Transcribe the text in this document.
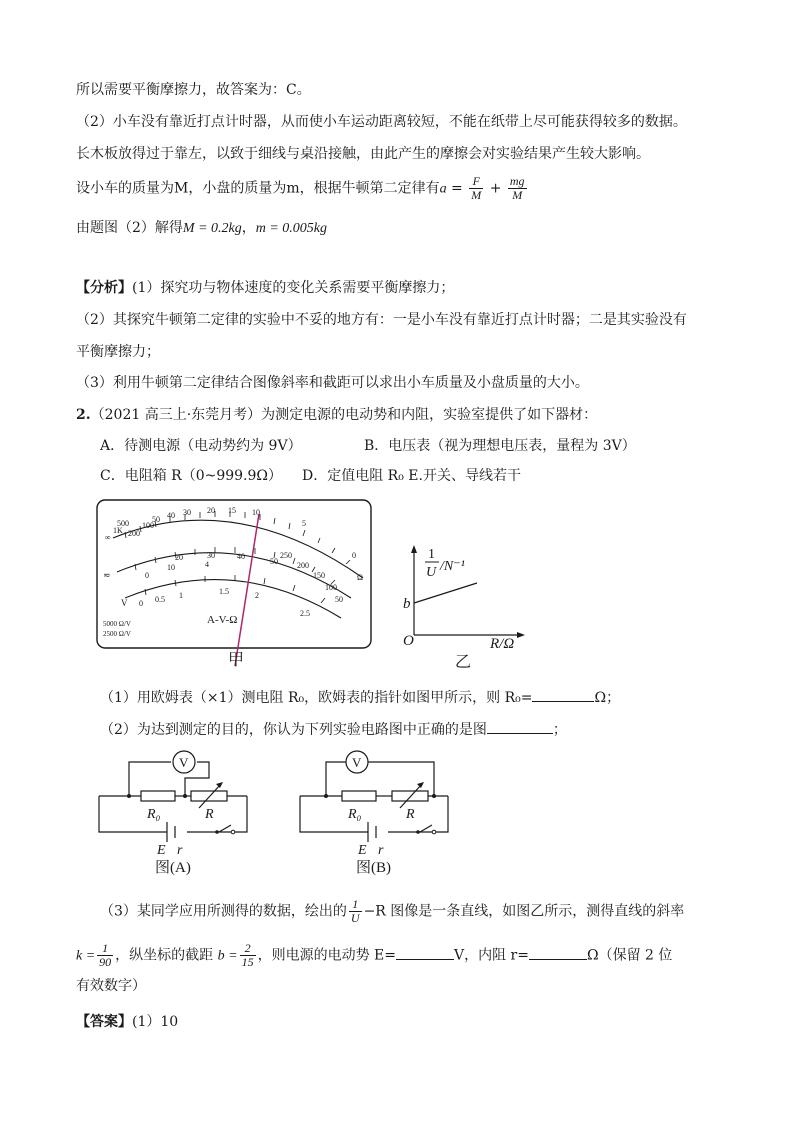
所以需要平衡摩擦力，故答案为：C。
（2）小车没有靠近打点计时器，从而使小车运动距离较短，不能在纸带上尽可能获得较多的数据。
长木板放得过于靠左，以致于细线与桌沿接触，由此产生的摩擦会对实验结果产生较大影响。
设小车的质量为M，小盘的质量为m，根据牛顿第二定律有$a = \frac{F}{M} + \frac{mg}{M}$
由题图（2）解得M = 0.2kg，m = 0.005kg
【分析】(1）探究功与物体速度的变化关系需要平衡摩擦力；
（2）其探究牛顿第二定律的实验中不妥的地方有：一是小车没有靠近打点计时器；二是其实验没有
平衡摩擦力；
（3）利用牛顿第二定律结合图像斜率和截距可以求出小车质量及小盘质量的大小。
2.（2021 高三上·东莞月考）为测定电源的电动势和内阻，实验室提供了如下器材：
A．待测电源（电动势约为 9V）	B．电压表（视为理想电压表，量程为 3V）
C．电阻箱 R（0~999.9Ω） D．定值电阻 R₀ E.开关、导线若干
∞
1K
500
200
100
50 40 30 20 15 10
5
0
Ω
0
10	4
20	30	40
50
250
200
150
100
50
0 0.5 1	1.5	2
2.5
≂
V
A-V-Ω
5000 Ω/V
2500 Ω/V
甲
b
O	R/Ω
1
U /N⁻¹
乙
（1）用欧姆表（×1）测电阻 R₀，欧姆表的指针如图甲所示，则 R₀=	Ω；
（2）为达到测定的目的，你认为下列实验电路图中正确的是图	；
V
R₀	R
E r
图(A)
V
R₀	R
E r
图(B)
（3）某同学应用所测得的数据，绘出的 $\frac{1}{U} -R$ 图像是一条直线，如图乙所示，测得直线的斜率
$k = \frac{1}{90}$ ，纵坐标的截距 $b = \frac{2}{15}$ ，则电源的电动势 E=	V，内阻 r=	Ω（保留 2 位
有效数字）
【答案】(1）10
